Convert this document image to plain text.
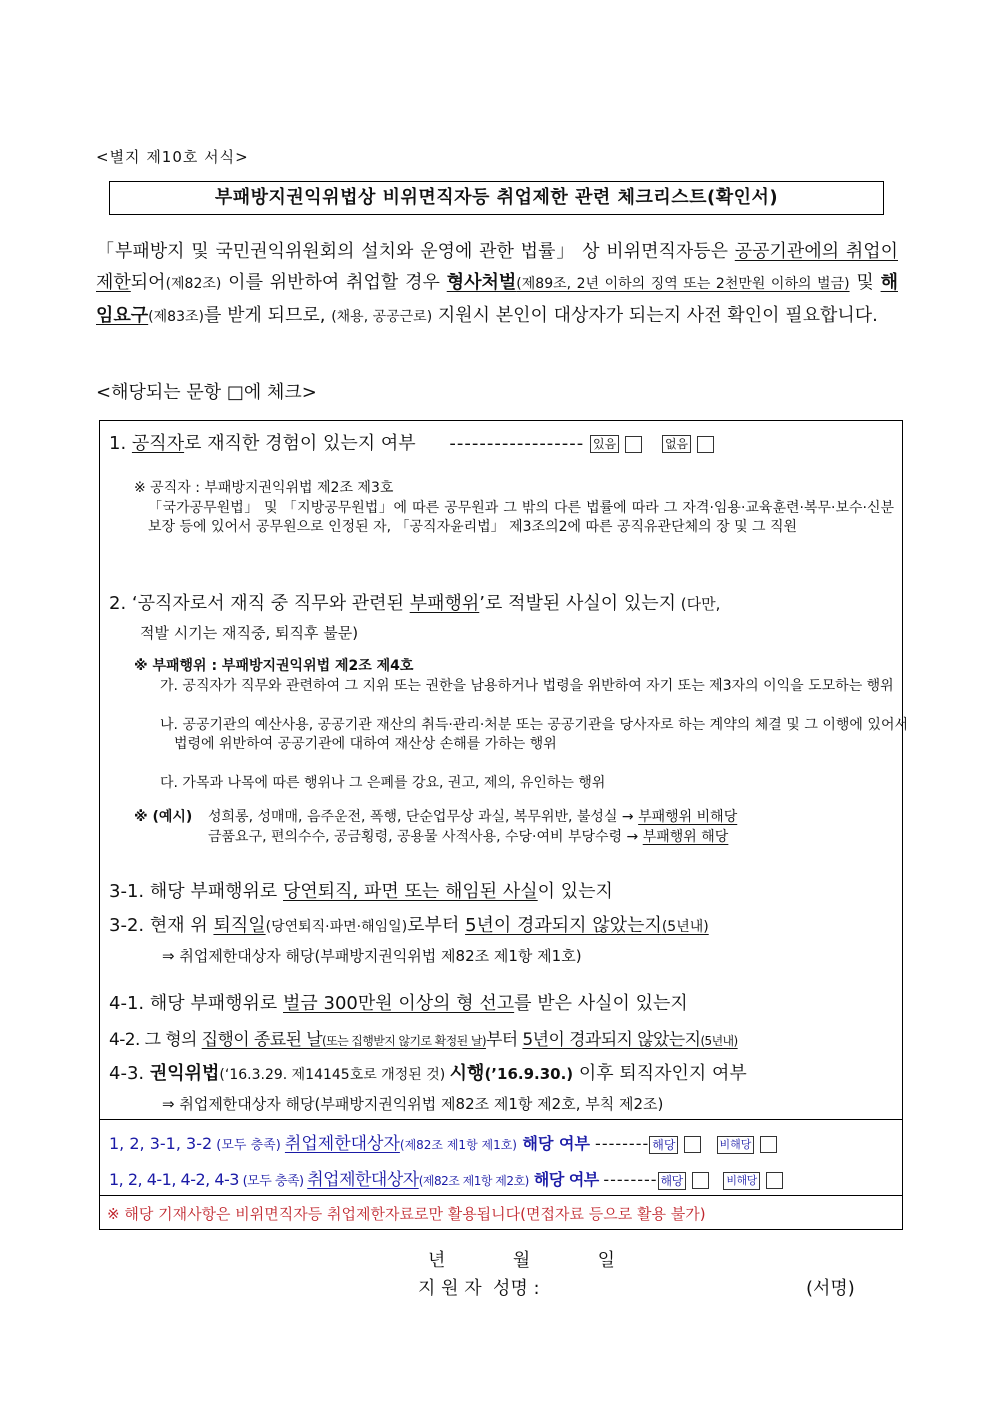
<별지 제10호 서식>
부패방지권익위법상 비위면직자등 취업제한 관련 체크리스트(확인서)
「부패방지 및 국민권익위원회의 설치와 운영에 관한 법률」 상 비위면직자등은 공공기관에의 취업이 제한되어(제82조) 이를 위반하여 취업할 경우 형사처벌(제89조, 2년 이하의 징역 또는 2천만원 이하의 벌금) 및 해임요구(제83조)를 받게 되므로, (채용, 공공근로) 지원시 본인이 대상자가 되는지 사전 확인이 필요합니다.
<해당되는 문항 □에 체크>
1. 공직자로 재직한 경험이 있는지 여부 ------------------ 있음	없음
※ 공직자 : 부패방지권익위법 제2조 제3호
「국가공무원법」 및 「지방공무원법」에 따른 공무원과 그 밖의 다른 법률에 따라 그 자격·임용·교육훈련·복무·보수·신분보장 등에 있어서 공무원으로 인정된 자, 「공직자윤리법」 제3조의2에 따른 공직유관단체의 장 및 그 직원
2. ‘공직자로서 재직 중 직무와 관련된 부패행위’로 적발된 사실이 있는지 (다만,
적발 시기는 재직중, 퇴직후 불문)
※ 부패행위 : 부패방지권익위법 제2조 제4호
가. 공직자가 직무와 관련하여 그 지위 또는 권한을 남용하거나 법령을 위반하여 자기 또는 제3자의 이익을 도모하는 행위
나. 공공기관의 예산사용, 공공기관 재산의 취득·관리·처분 또는 공공기관을 당사자로 하는 계약의 체결 및 그 이행에 있어서 법령에 위반하여 공공기관에 대하여 재산상 손해를 가하는 행위
다. 가목과 나목에 따른 행위나 그 은폐를 강요, 권고, 제의, 유인하는 행위
※ (예시) 성희롱, 성매매, 음주운전, 폭행, 단순업무상 과실, 복무위반, 불성실 → 부패행위 비해당
금품요구, 편의수수, 공금횡령, 공용물 사적사용, 수당·여비 부당수령 → 부패행위 해당
3-1. 해당 부패행위로 당연퇴직, 파면 또는 해임된 사실이 있는지
3-2. 현재 위 퇴직일(당연퇴직·파면·해임일)로부터 5년이 경과되지 않았는지(5년내)
⇒ 취업제한대상자 해당(부패방지권익위법 제82조 제1항 제1호)
4-1. 해당 부패행위로 벌금 300만원 이상의 형 선고를 받은 사실이 있는지
4-2. 그 형의 집행이 종료된 날(또는 집행받지 않기로 확정된 날)부터 5년이 경과되지 않았는지(5년내)
4-3. 권익위법(‘16.3.29. 제14145호로 개정된 것) 시행(’16.9.30.) 이후 퇴직자인지 여부
⇒ 취업제한대상자 해당(부패방지권익위법 제82조 제1항 제2호, 부칙 제2조)
1, 2, 3-1, 3-2 (모두 충족) 취업제한대상자(제82조 제1항 제1호) 해당 여부 -------- 해당	비해당
1, 2, 4-1, 4-2, 4-3 (모두 충족) 취업제한대상자(제82조 제1항 제2호) 해당 여부 -------- 해당	비해당
※ 해당 기재사항은 비위면직자등 취업제한자료로만 활용됩니다(면접자료 등으로 활용 불가)
년  월  일
지 원 자  성명 :	(서명)
